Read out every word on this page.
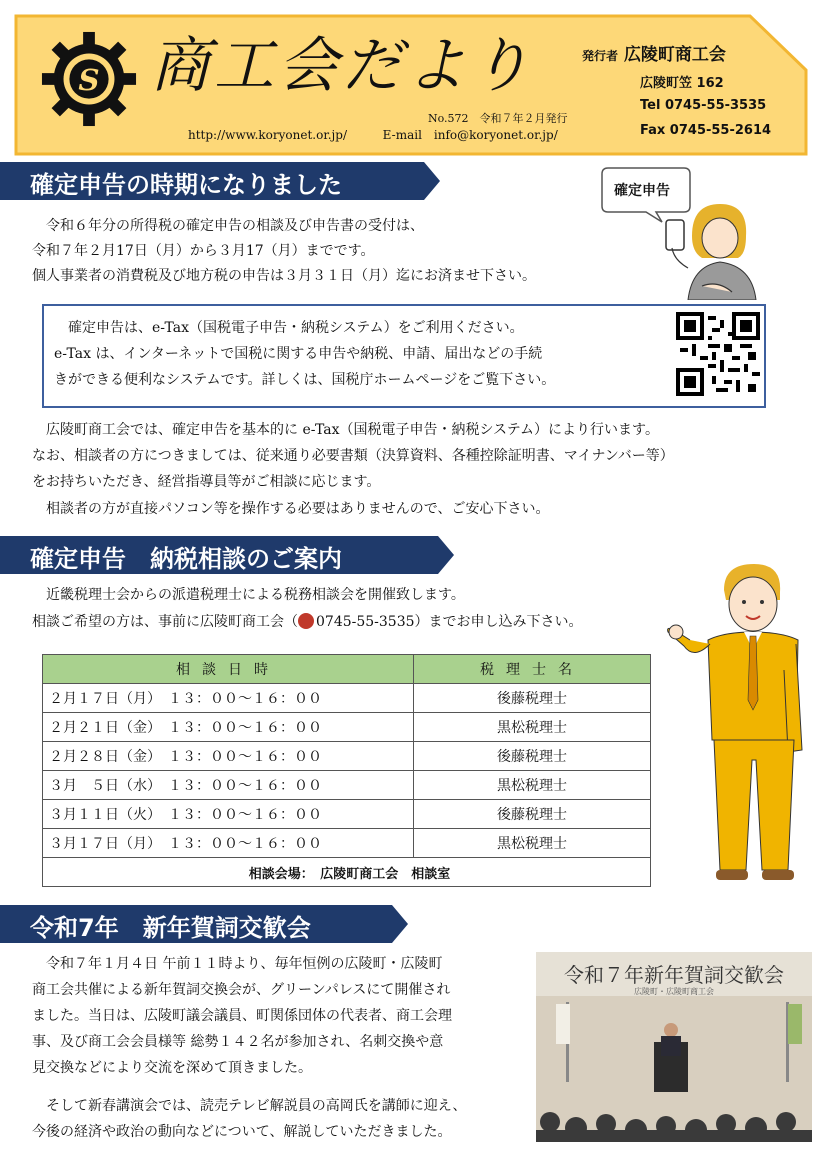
S 商工会だより
No.572　令和７年２月発行
http://www.koryonet.or.jp/	E-mail　info@koryonet.or.jp/
発行者 広陵町商工会
広陵町笠 162
Tel 0745-55-3535
Fax 0745-55-2614
確定申告の時期になりました	確定申告
　令和６年分の所得税の確定申告の相談及び申告書の受付は、
令和７年２月17日（月）から３月17（月）までです。
個人事業者の消費税及び地方税の申告は３月３１日（月）迄にお済ませ下さい。
　確定申告は、e-Tax（国税電子申告・納税システム）をご利用ください。
e-Tax は、インターネットで国税に関する申告や納税、申請、届出などの手続
きができる便利なシステムです。詳しくは、国税庁ホームページをご覧下さい。
　広陵町商工会では、確定申告を基本的に e-Tax（国税電子申告・納税システム）により行います。
なお、相談者の方につきましては、従来通り必要書類（決算資料、各種控除証明書、マイナンバー等）
をお持ちいただき、経営指導員等がご相談に応じます。
　相談者の方が直接パソコン等を操作する必要はありませんので、ご安心下さい。
確定申告　納税相談のご案内
　近畿税理士会からの派遣税理士による税務相談会を開催致します。
相談ご希望の方は、事前に広陵町商工会（ 0745-55-3535）までお申し込み下さい。
相談日時	税理士名
２月１７日（月）　１３：００～１６：００	後藤税理士
２月２１日（金）　１３：００～１６：００	黒松税理士
２月２８日（金）　１３：００～１６：００	後藤税理士
３月　５日（水）　１３：００～１６：００	黒松税理士
３月１１日（火）　１３：００～１６：００	後藤税理士
３月１７日（月）　１３：００～１６：００	黒松税理士
相談会場：　広陵町商工会　相談室	
令和7年　新年賀詞交歓会
　令和７年１月４日 午前１１時より、毎年恒例の広陵町・広陵町
商工会共催による新年賀詞交換会が、グリーンパレスにて開催され
ました。当日は、広陵町議会議員、町関係団体の代表者、商工会理
事、及び商工会会員様等 総勢１４２名が参加され、名刺交換や意
見交換などにより交流を深めて頂きました。
　そして新春講演会では、読売テレビ解説員の高岡氏を講師に迎え、
今後の経済や政治の動向などについて、解説していただきました。
令和７年新年賀詞交歓会
広陵町・広陵町商工会
